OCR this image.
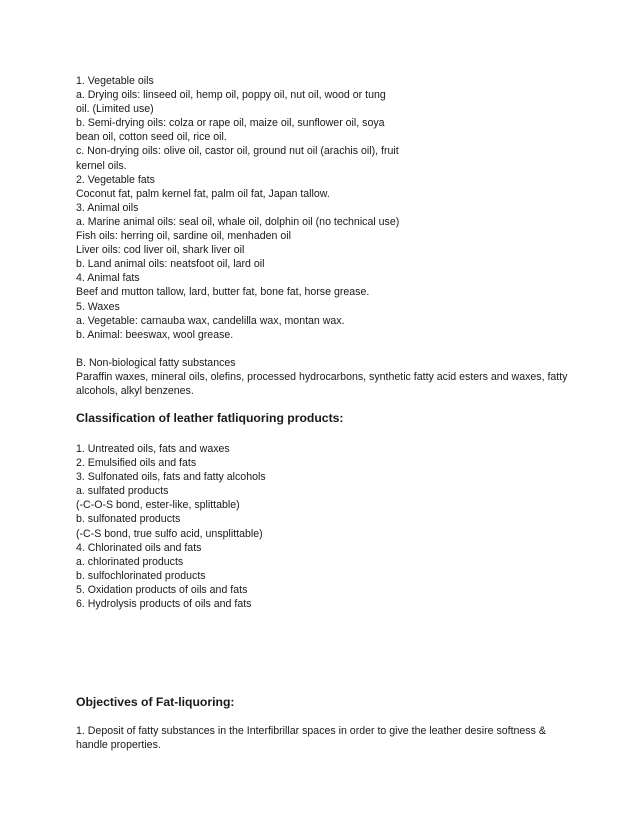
1. Vegetable oils
a. Drying oils: linseed oil, hemp oil, poppy oil, nut oil, wood or tung
oil. (Limited use)
b. Semi-drying oils: colza or rape oil, maize oil, sunflower oil, soya
bean oil, cotton seed oil, rice oil.
c. Non-drying oils: olive oil, castor oil, ground nut oil (arachis oil), fruit
kernel oils.
2. Vegetable fats
Coconut fat, palm kernel fat, palm oil fat, Japan tallow.
3. Animal oils
a. Marine animal oils: seal oil, whale oil, dolphin oil (no technical use)
Fish oils: herring oil, sardine oil, menhaden oil
Liver oils: cod liver oil, shark liver oil
b. Land animal oils: neatsfoot oil, lard oil
4. Animal fats
Beef and mutton tallow, lard, butter fat, bone fat, horse grease.
5. Waxes
a. Vegetable: carnauba wax, candelilla wax, montan wax.
b. Animal: beeswax, wool grease.
B. Non-biological fatty substances
Paraffin waxes, mineral oils, olefins, processed hydrocarbons, synthetic fatty acid esters and waxes, fatty alcohols, alkyl benzenes.
Classification of leather fatliquoring products:
1. Untreated oils, fats and waxes
2. Emulsified oils and fats
3. Sulfonated oils, fats and fatty alcohols
a. sulfated products
(-C-O-S bond, ester-like, splittable)
b. sulfonated products
(-C-S bond, true sulfo acid, unsplittable)
4. Chlorinated oils and fats
a. chlorinated products
b. sulfochlorinated products
5. Oxidation products of oils and fats
6. Hydrolysis products of oils and fats
Objectives of Fat-liquoring:
1. Deposit of fatty substances in the Interfibrillar spaces in order to give the leather desire softness & handle properties.
